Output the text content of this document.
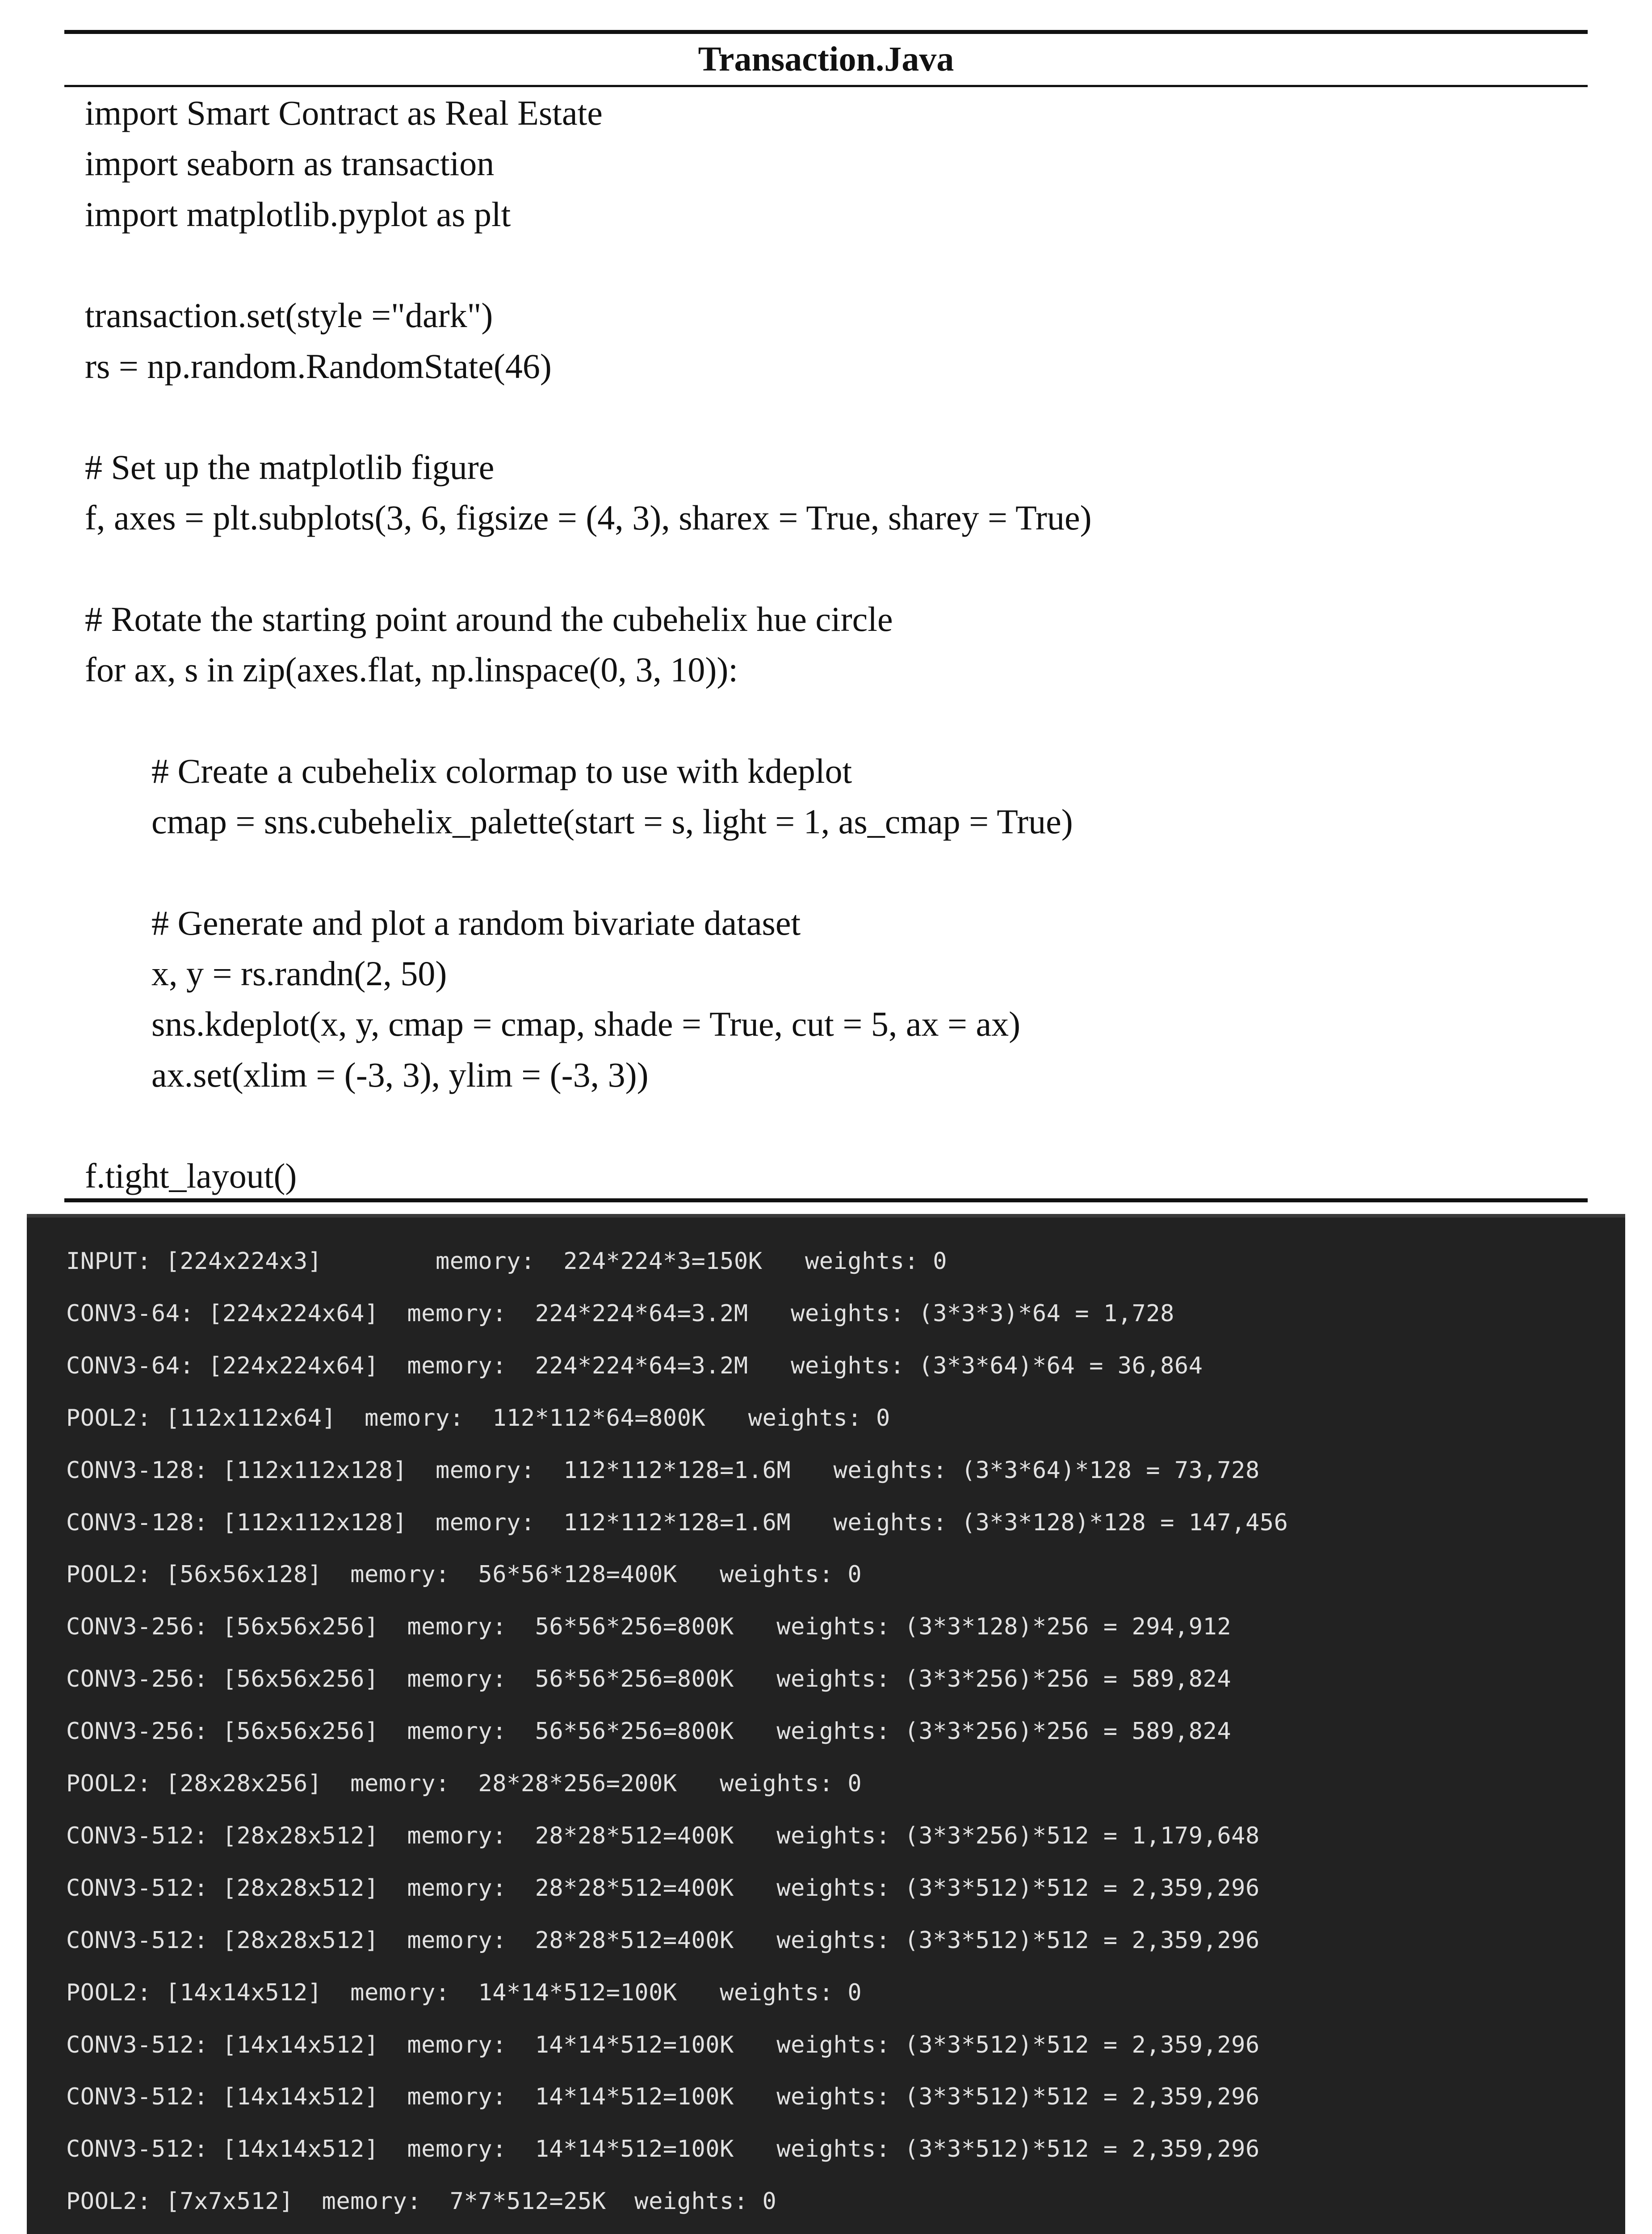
Transaction.Java
import Smart Contract as Real Estate
import seaborn as transaction
import matplotlib.pyplot as plt
transaction.set(style ="dark")
rs = np.random.RandomState(46)
# Set up the matplotlib figure
f, axes = plt.subplots(3, 6, figsize = (4, 3), sharex = True, sharey = True)
# Rotate the starting point around the cubehelix hue circle
for ax, s in zip(axes.flat, np.linspace(0, 3, 10)):
# Create a cubehelix colormap to use with kdeplot
cmap = sns.cubehelix_palette(start = s, light = 1, as_cmap = True)
# Generate and plot a random bivariate dataset
x, y = rs.randn(2, 50)
sns.kdeplot(x, y, cmap = cmap, shade = True, cut = 5, ax = ax)
ax.set(xlim = (-3, 3), ylim = (-3, 3))
f.tight_layout()
INPUT: [224x224x3]        memory:  224*224*3=150K   weights: 0
CONV3-64: [224x224x64]  memory:  224*224*64=3.2M   weights: (3*3*3)*64 = 1,728
CONV3-64: [224x224x64]  memory:  224*224*64=3.2M   weights: (3*3*64)*64 = 36,864
POOL2: [112x112x64]  memory:  112*112*64=800K   weights: 0
CONV3-128: [112x112x128]  memory:  112*112*128=1.6M   weights: (3*3*64)*128 = 73,728
CONV3-128: [112x112x128]  memory:  112*112*128=1.6M   weights: (3*3*128)*128 = 147,456
POOL2: [56x56x128]  memory:  56*56*128=400K   weights: 0
CONV3-256: [56x56x256]  memory:  56*56*256=800K   weights: (3*3*128)*256 = 294,912
CONV3-256: [56x56x256]  memory:  56*56*256=800K   weights: (3*3*256)*256 = 589,824
CONV3-256: [56x56x256]  memory:  56*56*256=800K   weights: (3*3*256)*256 = 589,824
POOL2: [28x28x256]  memory:  28*28*256=200K   weights: 0
CONV3-512: [28x28x512]  memory:  28*28*512=400K   weights: (3*3*256)*512 = 1,179,648
CONV3-512: [28x28x512]  memory:  28*28*512=400K   weights: (3*3*512)*512 = 2,359,296
CONV3-512: [28x28x512]  memory:  28*28*512=400K   weights: (3*3*512)*512 = 2,359,296
POOL2: [14x14x512]  memory:  14*14*512=100K   weights: 0
CONV3-512: [14x14x512]  memory:  14*14*512=100K   weights: (3*3*512)*512 = 2,359,296
CONV3-512: [14x14x512]  memory:  14*14*512=100K   weights: (3*3*512)*512 = 2,359,296
CONV3-512: [14x14x512]  memory:  14*14*512=100K   weights: (3*3*512)*512 = 2,359,296
POOL2: [7x7x512]  memory:  7*7*512=25K  weights: 0
